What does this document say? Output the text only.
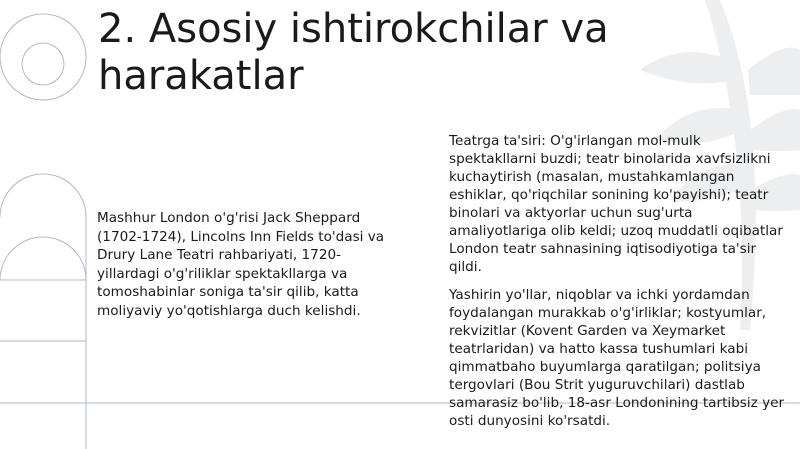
2. Asosiy ishtirokchilar va harakatlar

Mashhur London o'g'risi Jack Sheppard (1702-1724), Lincolns Inn Fields to'dasi va Drury Lane Teatri rahbariyati, 1720-yillardagi o'g'riliklar spektakllarga va tomoshabinlar soniga ta'sir qilib, katta moliyaviy yo'qotishlarga duch kelishdi.

Teatrga ta'siri: O'g'irlangan mol-mulk spektakllarni buzdi; teatr binolarida xavfsizlikni kuchaytirish (masalan, mustahkamlangan eshiklar, qo'riqchilar sonining ko'payishi); teatr binolari va aktyorlar uchun sug'urta amaliyotlariga olib keldi; uzoq muddatli oqibatlar London teatr sahnasining iqtisodiyotiga ta'sir qildi.

Yashirin yo'llar, niqoblar va ichki yordamdan foydalangan murakkab o'g'irliklar; kostyumlar, rekvizitlar (Kovent Garden va Xeymarket teatrlaridan) va hatto kassa tushumlari kabi qimmatbaho buyumlarga qaratilgan; politsiya tergovlari (Bou Strit yuguruvchilari) dastlab samarasiz bo'lib, 18-asr Londonining tartibsiz yer osti dunyosini ko'rsatdi.
